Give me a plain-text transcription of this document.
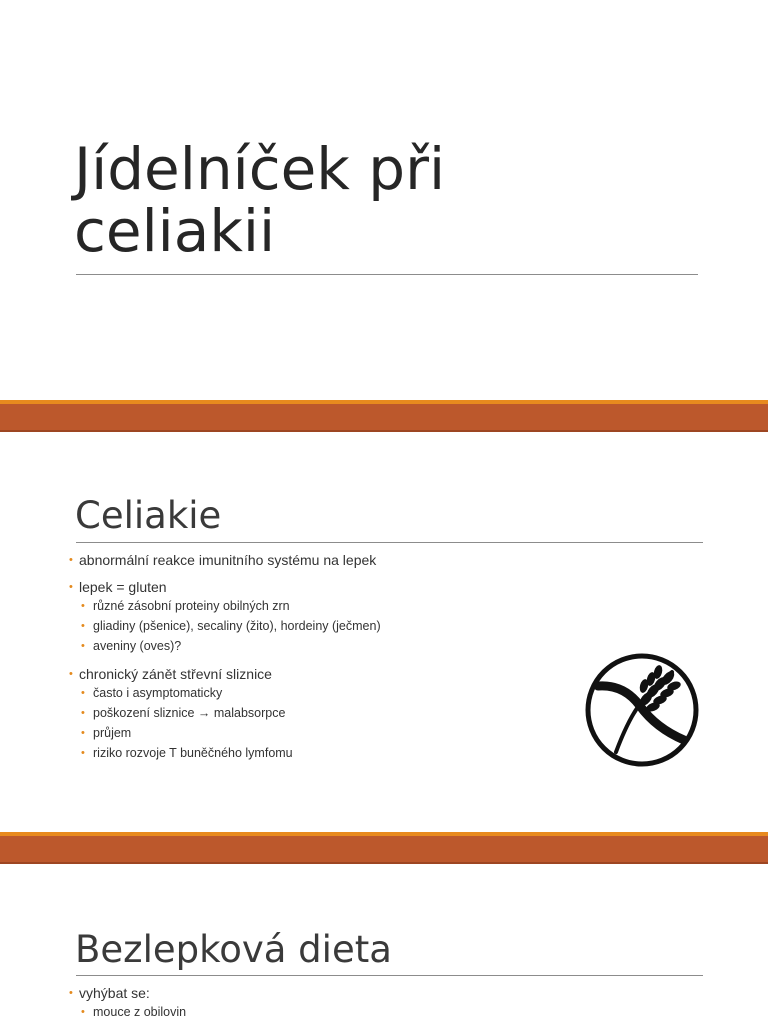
Jídelníček při
celiakii
Celiakie
• abnormální reakce imunitního systému na lepek
• lepek = gluten
• různé zásobní proteiny obilných zrn
• gliadiny (pšenice), secaliny (žito), hordeiny (ječmen)
• aveniny (oves)?
• chronický zánět střevní sliznice
• často i asymptomaticky
• poškození sliznice → malabsorpce
• průjem
• riziko rozvoje T buněčného lymfomu
Bezlepková dieta
• vyhýbat se:
• mouce z obilovin
